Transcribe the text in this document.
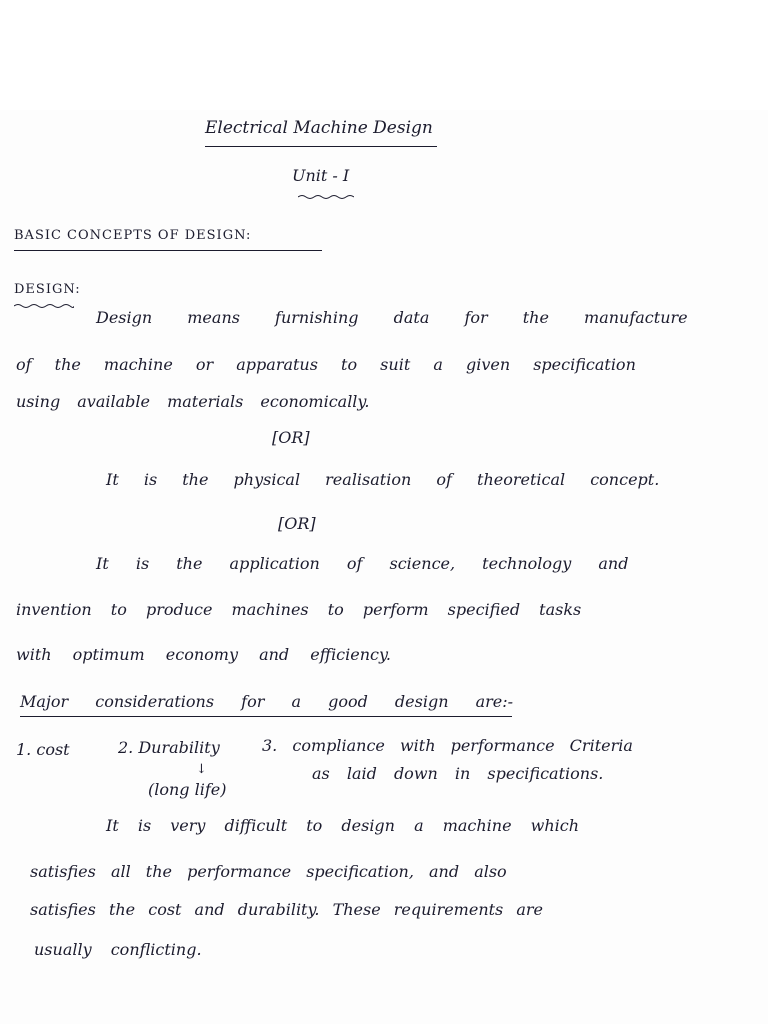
Electrical Machine Design
Unit - I
BASIC CONCEPTS OF DESIGN:
DESIGN:
Design means furnishing data for the manufacture
of the machine or apparatus to suit a given specification
using available materials economically.
[OR]
It is the physical realisation of theoretical concept.
[OR]
It is the application of science, technology and
invention to produce machines to perform specified tasks
with optimum economy and efficiency.
Major considerations for a good design are:-
1. cost	2. Durability
↓
(long life)
3. compliance with performance Criteria
as laid down in specifications.
It is very difficult to design a machine which
satisfies all the performance specification, and also
satisfies the cost and durability. These requirements are
usually conflicting.
